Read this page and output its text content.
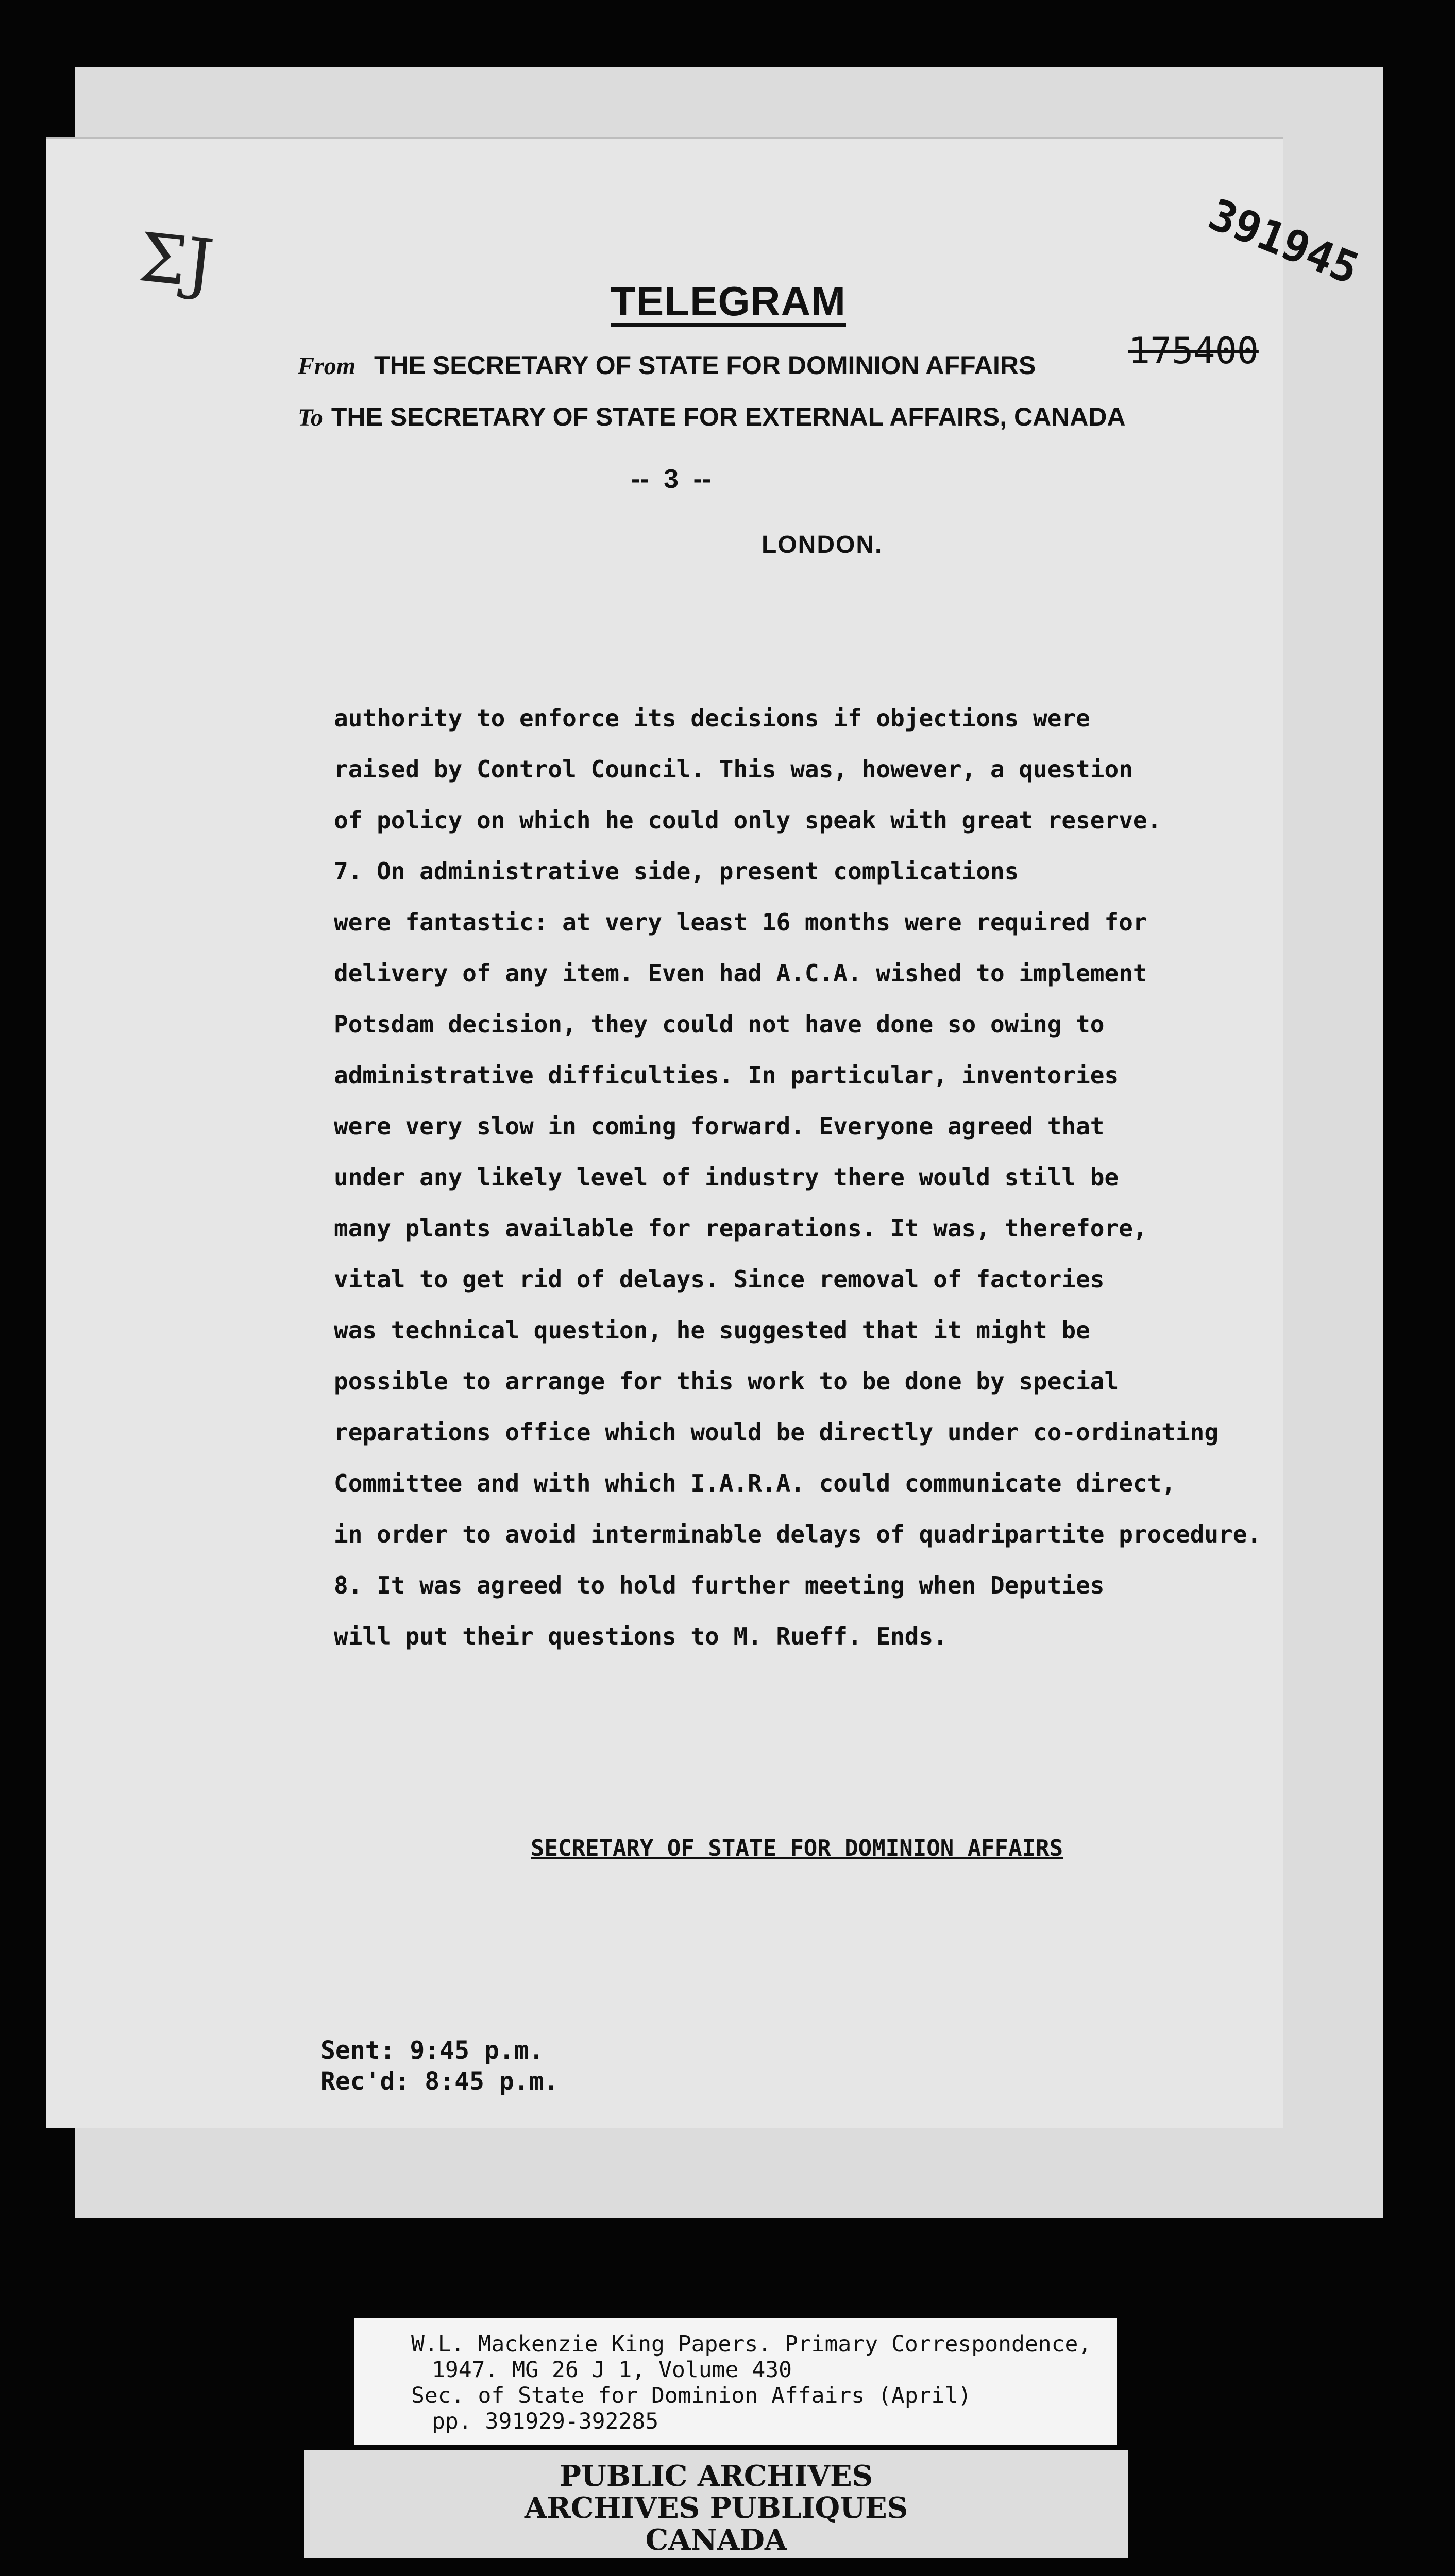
ΣJ	391945
175400
TELEGRAM
From THE SECRETARY OF STATE FOR DOMINION AFFAIRS
To THE SECRETARY OF STATE FOR EXTERNAL AFFAIRS, CANADA
-- 3 --
LONDON.
authority to enforce its decisions if objections were
raised by Control Council. This was, however, a question
of policy on which he could only speak with great reserve.
7. On administrative side, present complications
were fantastic: at very least 16 months were required for
delivery of any item. Even had A.C.A. wished to implement
Potsdam decision, they could not have done so owing to
administrative difficulties. In particular, inventories
were very slow in coming forward. Everyone agreed that
under any likely level of industry there would still be
many plants available for reparations. It was, therefore,
vital to get rid of delays. Since removal of factories
was technical question, he suggested that it might be
possible to arrange for this work to be done by special
reparations office which would be directly under co-ordinating
Committee and with which I.A.R.A. could communicate direct,
in order to avoid interminable delays of quadripartite procedure.
8. It was agreed to hold further meeting when Deputies
will put their questions to M. Rueff. Ends.
SECRETARY OF STATE FOR DOMINION AFFAIRS
Sent: 9:45 p.m.
Rec'd: 8:45 p.m.
W.L. Mackenzie King Papers. Primary Correspondence,
1947. MG 26 J 1, Volume 430
Sec. of State for Dominion Affairs (April)
pp. 391929-392285
PUBLIC ARCHIVES
ARCHIVES PUBLIQUES
CANADA
